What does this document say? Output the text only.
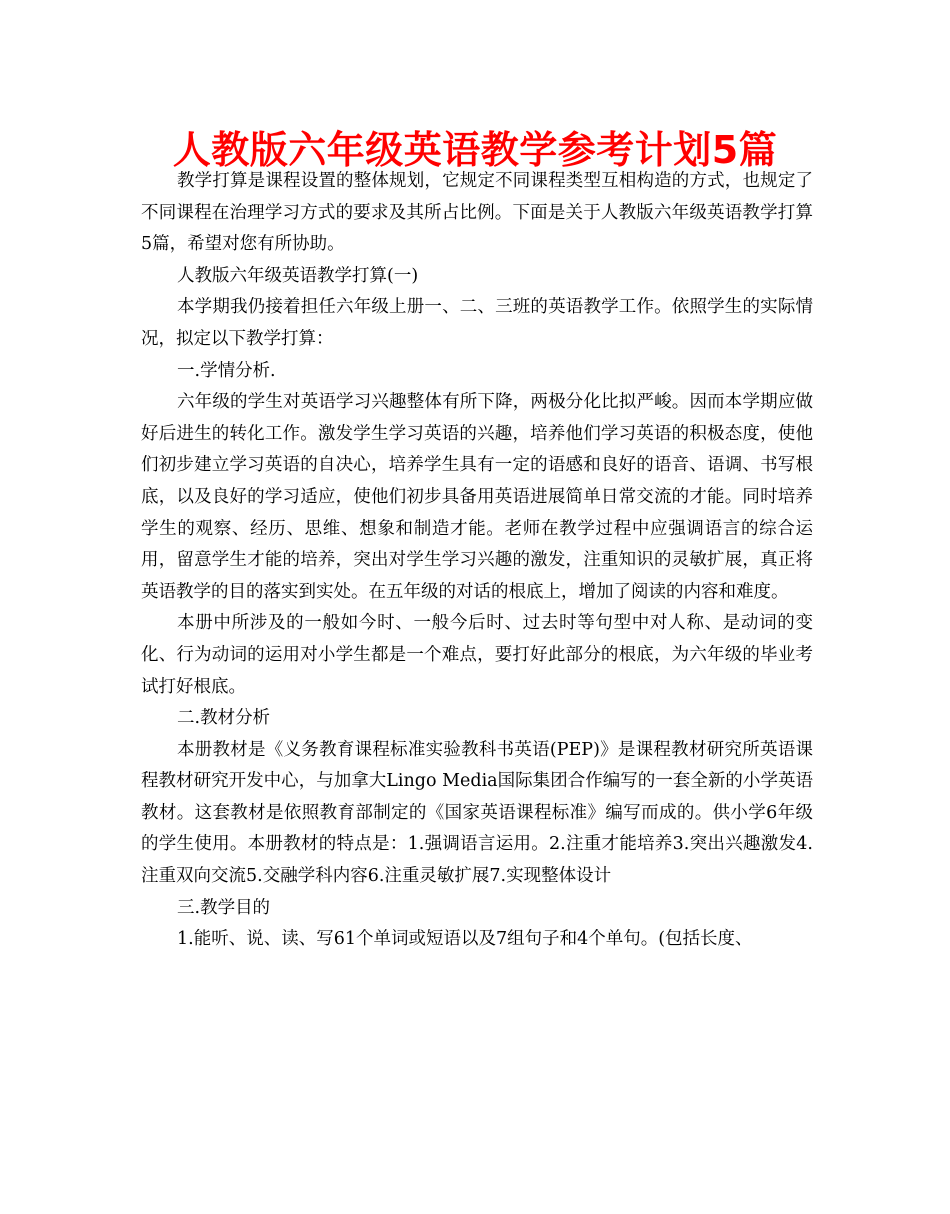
人教版六年级英语教学参考计划5篇

教学打算是课程设置的整体规划，它规定不同课程类型互相构造的方式，也规定了不同课程在治理学习方式的要求及其所占比例。下面是关于人教版六年级英语教学打算5篇，希望对您有所协助。

人教版六年级英语教学打算(一)

本学期我仍接着担任六年级上册一、二、三班的英语教学工作。依照学生的实际情况，拟定以下教学打算：

一.学情分析.

六年级的学生对英语学习兴趣整体有所下降，两极分化比拟严峻。因而本学期应做好后进生的转化工作。激发学生学习英语的兴趣，培养他们学习英语的积极态度，使他们初步建立学习英语的自决心，培养学生具有一定的语感和良好的语音、语调、书写根底，以及良好的学习适应，使他们初步具备用英语进展简单日常交流的才能。同时培养学生的观察、经历、思维、想象和制造才能。老师在教学过程中应强调语言的综合运用，留意学生才能的培养，突出对学生学习兴趣的激发，注重知识的灵敏扩展，真正将英语教学的目的落实到实处。在五年级的对话的根底上，增加了阅读的内容和难度。

本册中所涉及的一般如今时、一般今后时、过去时等句型中对人称、是动词的变化、行为动词的运用对小学生都是一个难点，要打好此部分的根底，为六年级的毕业考试打好根底。

二.教材分析

本册教材是《义务教育课程标准实验教科书英语(PEP)》是课程教材研究所英语课程教材研究开发中心，与加拿大Lingo Media国际集团合作编写的一套全新的小学英语教材。这套教材是依照教育部制定的《国家英语课程标准》编写而成的。供小学6年级的学生使用。本册教材的特点是：1.强调语言运用。2.注重才能培养3.突出兴趣激发4.注重双向交流5.交融学科内容6.注重灵敏扩展7.实现整体设计

三.教学目的

1.能听、说、读、写61个单词或短语以及7组句子和4个单句。(包括长度、
